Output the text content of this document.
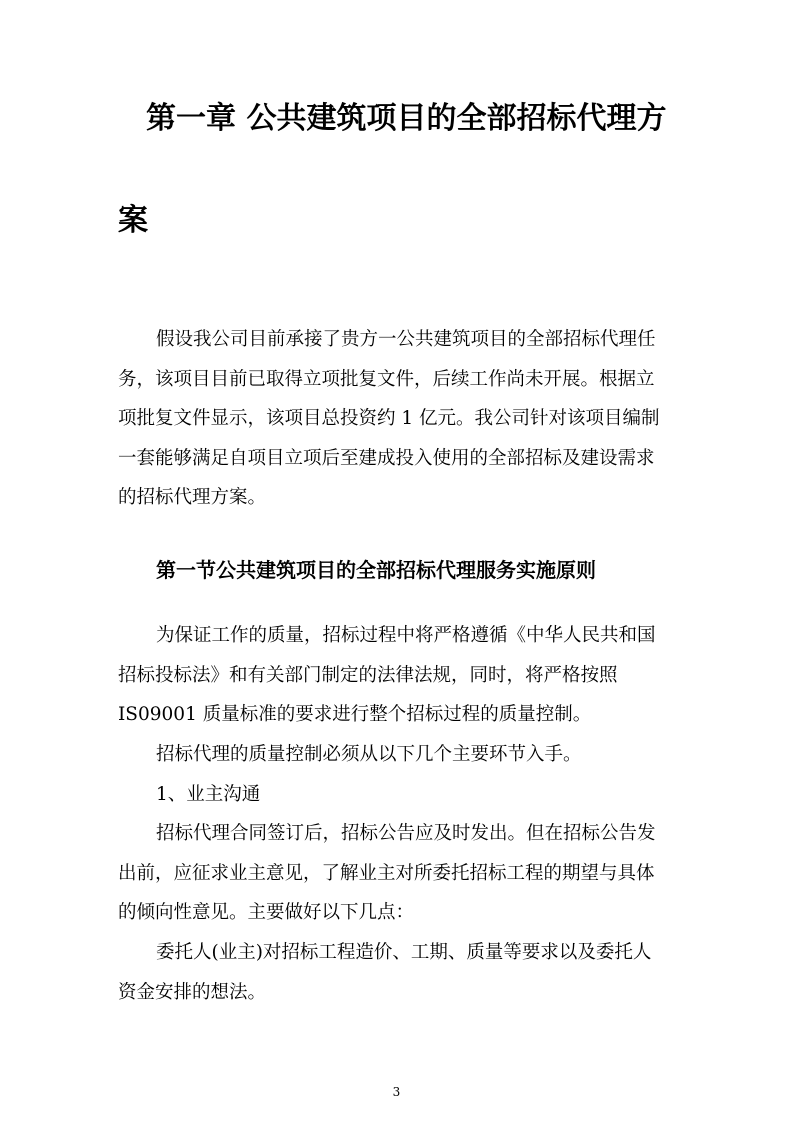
第一章 公共建筑项目的全部招标代理方
案

假设我公司目前承接了贵方一公共建筑项目的全部招标代理任
务，该项目目前已取得立项批复文件，后续工作尚未开展。根据立
项批复文件显示，该项目总投资约 1 亿元。我公司针对该项目编制
一套能够满足自项目立项后至建成投入使用的全部招标及建设需求
的招标代理方案。

第一节公共建筑项目的全部招标代理服务实施原则

为保证工作的质量，招标过程中将严格遵循《中华人民共和国
招标投标法》和有关部门制定的法律法规，同时，将严格按照
IS09001 质量标准的要求进行整个招标过程的质量控制。

招标代理的质量控制必须从以下几个主要环节入手。

1、业主沟通

招标代理合同签订后，招标公告应及时发出。但在招标公告发
出前，应征求业主意见，了解业主对所委托招标工程的期望与具体
的倾向性意见。主要做好以下几点：

委托人(业主)对招标工程造价、工期、质量等要求以及委托人
资金安排的想法。

3
